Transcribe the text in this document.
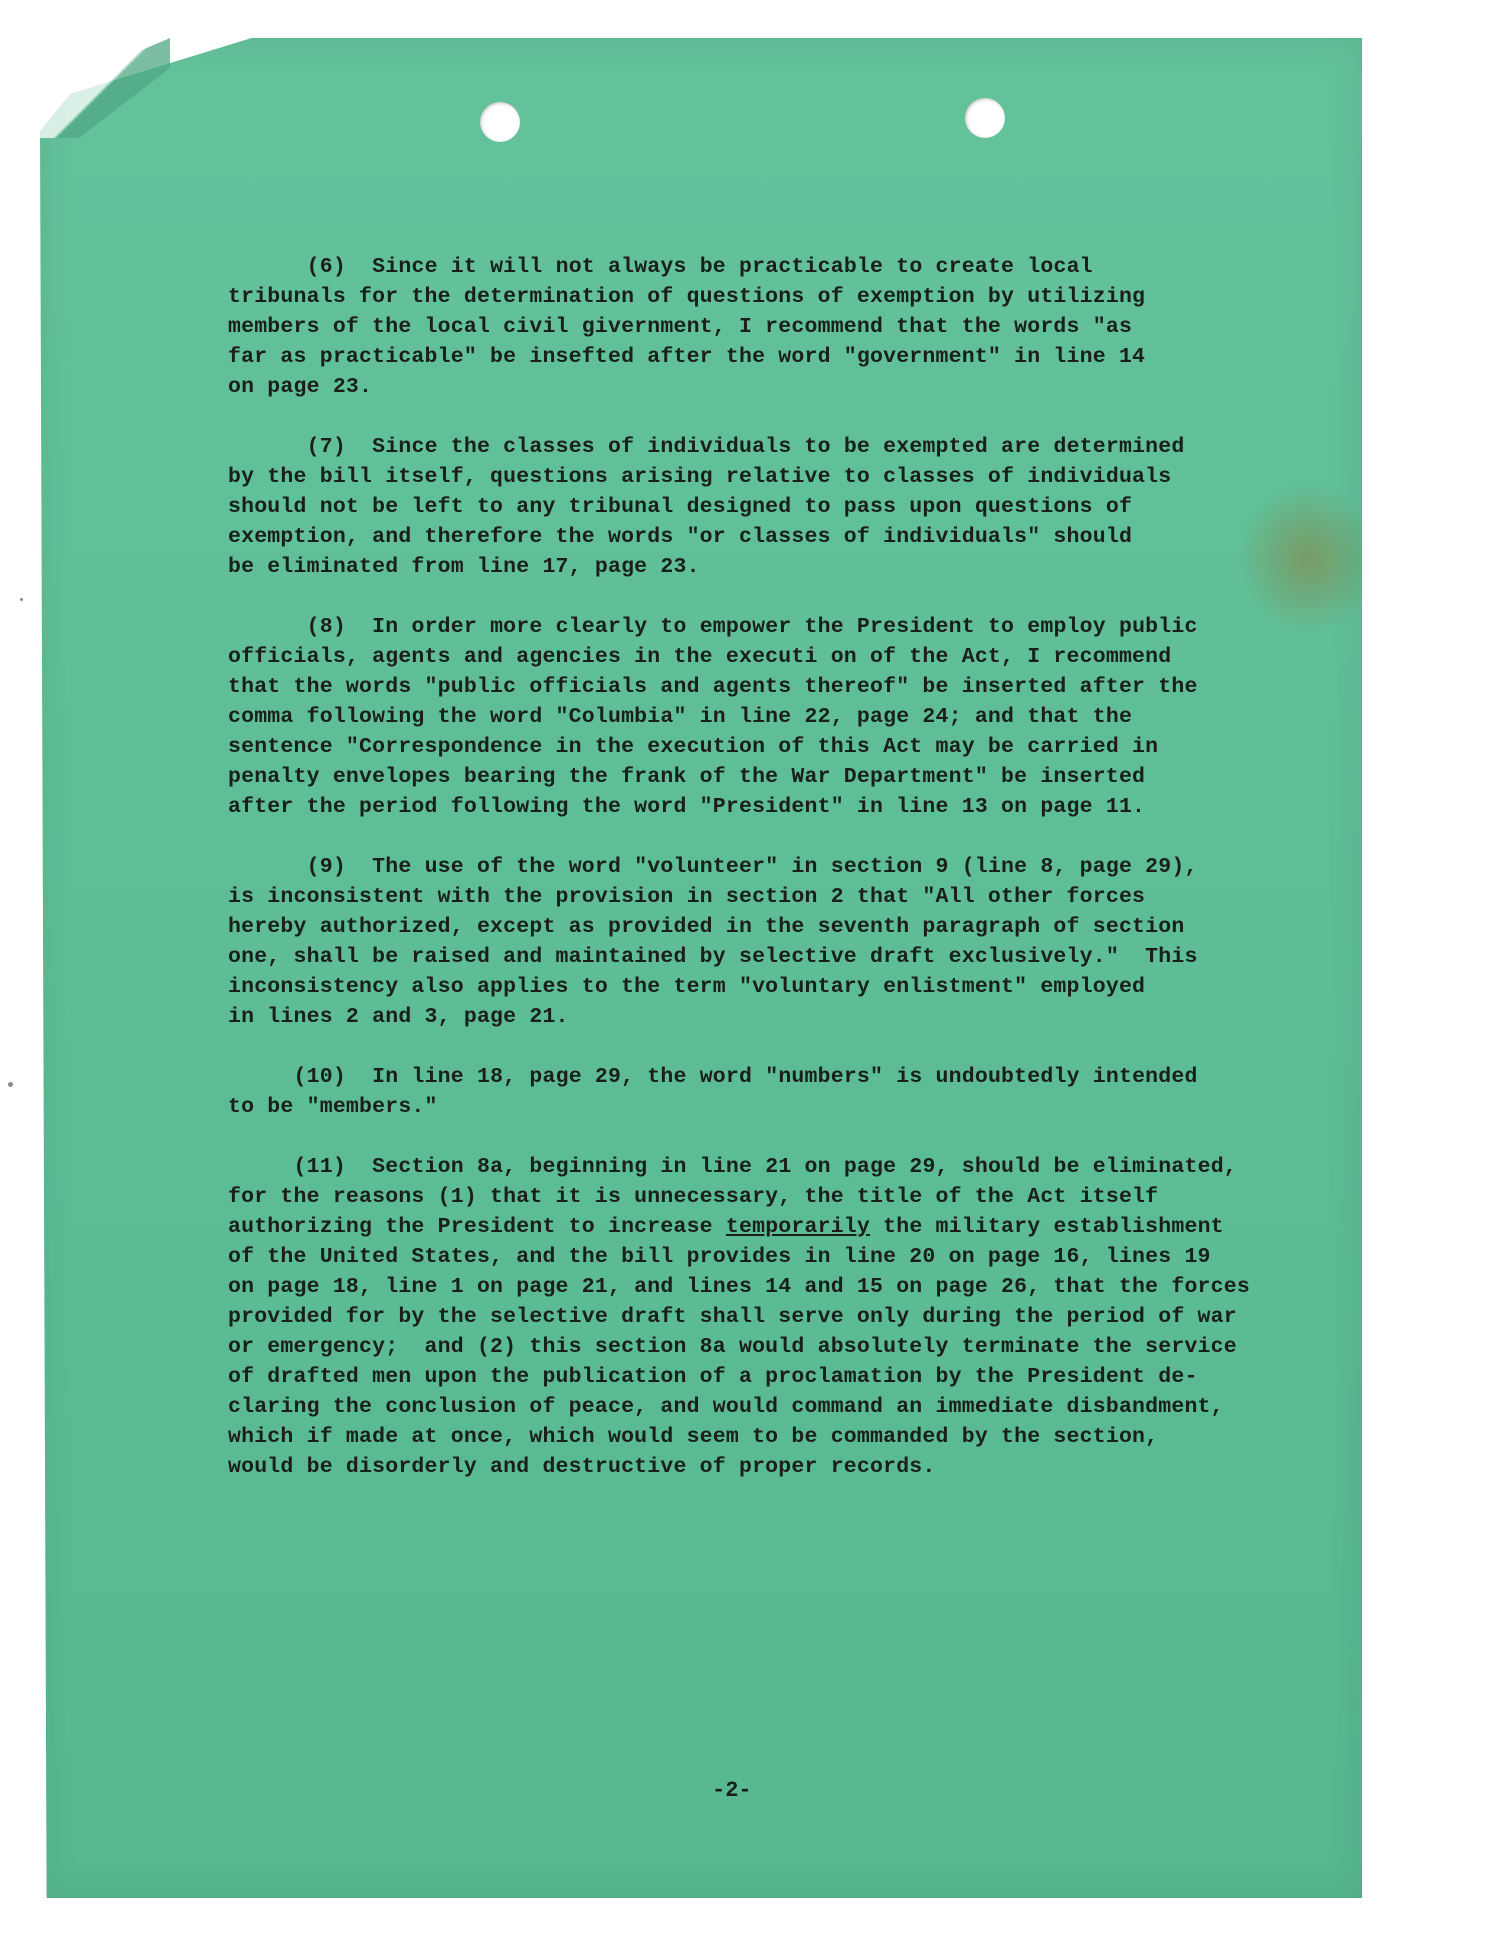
(6) Since it will not always be practicable to create local
tribunals for the determination of questions of exemption by utilizing
members of the local civil givernment, I recommend that the words "as
far as practicable" be insefted after the word "government" in line 14
on page 23.
(7) Since the classes of individuals to be exempted are determined
by the bill itself, questions arising relative to classes of individuals
should not be left to any tribunal designed to pass upon questions of
exemption, and therefore the words "or classes of individuals" should
be eliminated from line 17, page 23.
(8) In order more clearly to empower the President to employ public
officials, agents and agencies in the executi on of the Act, I recommend
that the words "public officials and agents thereof" be inserted after the
comma following the word "Columbia" in line 22, page 24; and that the
sentence "Correspondence in the execution of this Act may be carried in
penalty envelopes bearing the frank of the War Department" be inserted
after the period following the word "President" in line 13 on page 11.
(9) The use of the word "volunteer" in section 9 (line 8, page 29),
is inconsistent with the provision in section 2 that "All other forces
hereby authorized, except as provided in the seventh paragraph of section
one, shall be raised and maintained by selective draft exclusively."  This
inconsistency also applies to the term "voluntary enlistment" employed
in lines 2 and 3, page 21.
(10) In line 18, page 29, the word "numbers" is undoubtedly intended
to be "members."
(11) Section 8a, beginning in line 21 on page 29, should be eliminated,
for the reasons (1) that it is unnecessary, the title of the Act itself
authorizing the President to increase temporarily the military establishment
of the United States, and the bill provides in line 20 on page 16, lines 19
on page 18, line 1 on page 21, and lines 14 and 15 on page 26, that the forces
provided for by the selective draft shall serve only during the period of war
or emergency;  and (2) this section 8a would absolutely terminate the service
of drafted men upon the publication of a proclamation by the President de-
claring the conclusion of peace, and would command an immediate disbandment,
which if made at once, which would seem to be commanded by the section,
would be disorderly and destructive of proper records.
-2-
